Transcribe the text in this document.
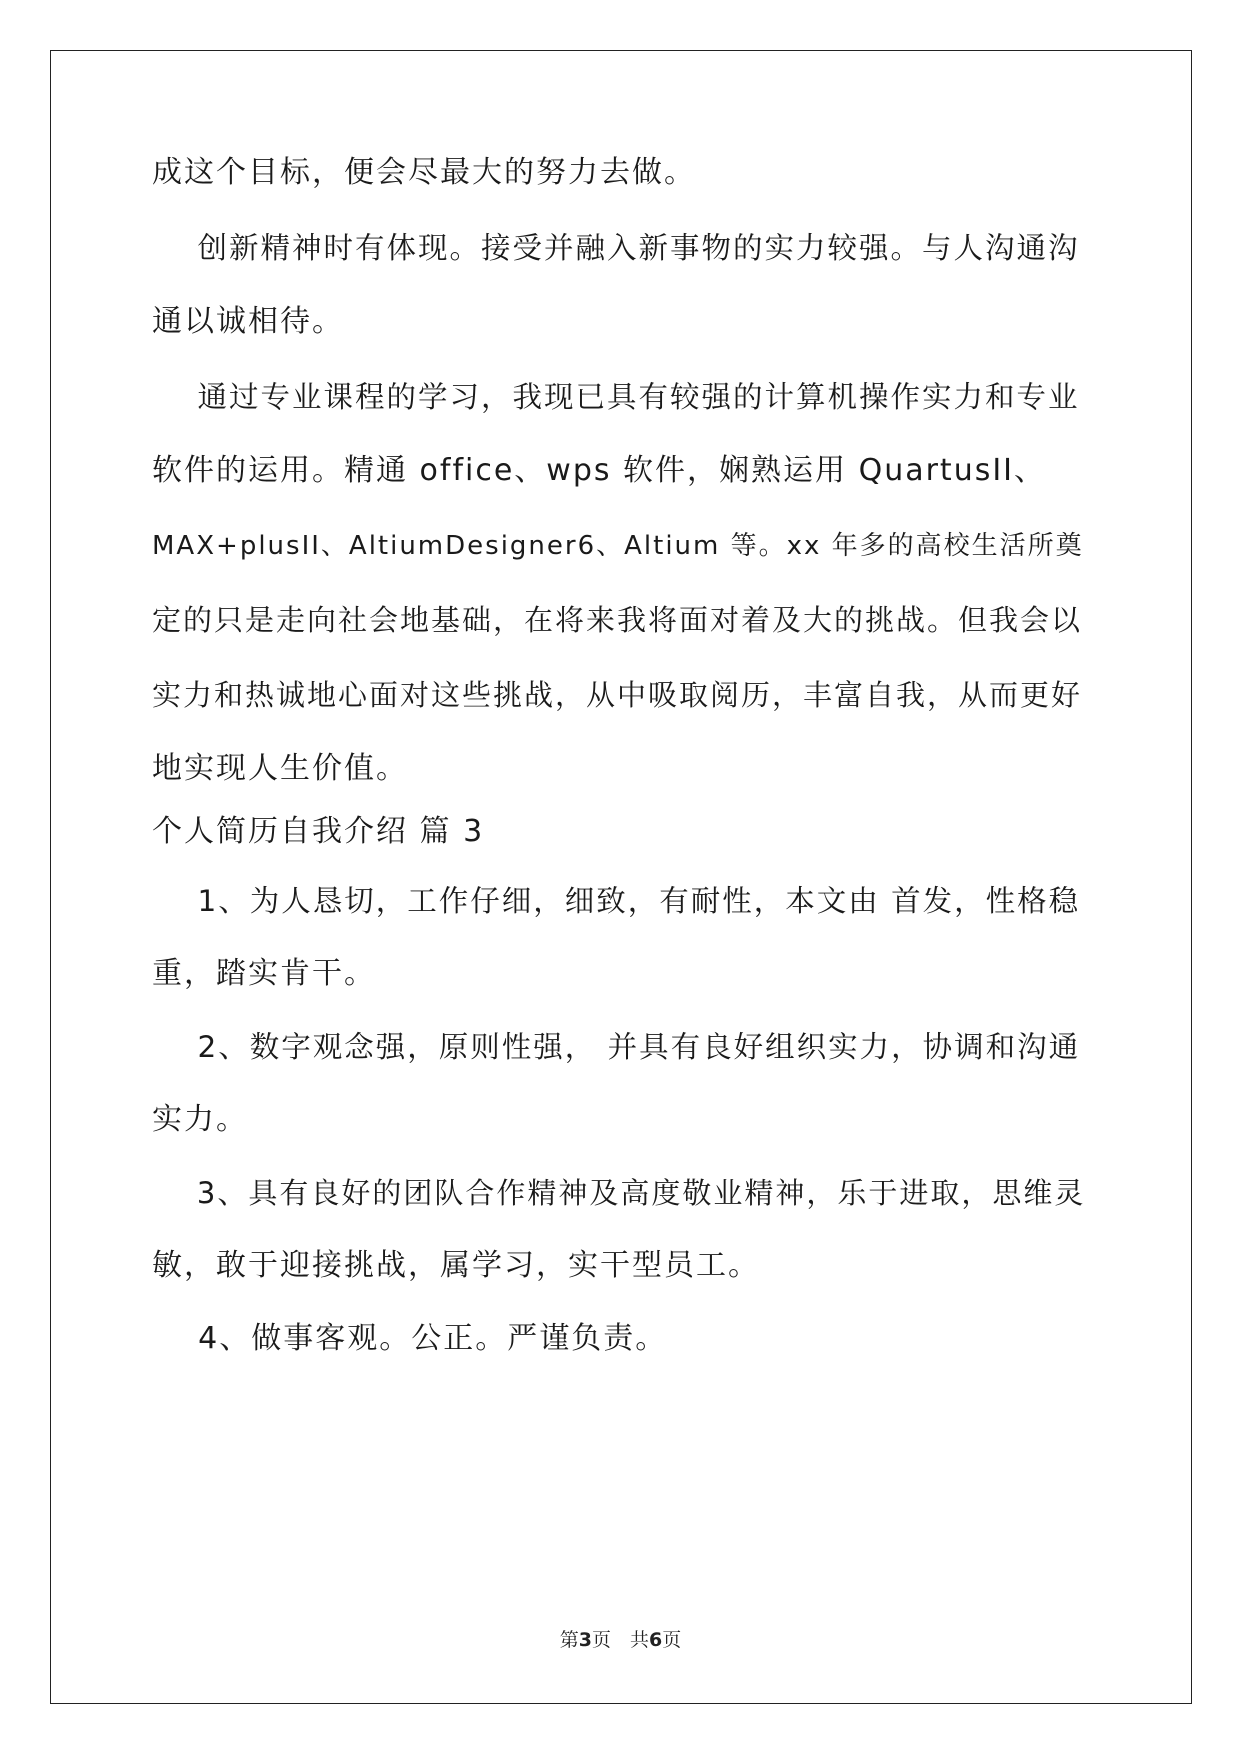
成这个目标，便会尽最大的努力去做。
创新精神时有体现。接受并融入新事物的实力较强。与人沟通沟
通以诚相待。
通过专业课程的学习，我现已具有较强的计算机操作实力和专业
软件的运用。精通 office、wps 软件，娴熟运用 QuartusII、
MAX+plusII、AltiumDesigner6、Altium 等。xx 年多的高校生活所奠
定的只是走向社会地基础，在将来我将面对着及大的挑战。但我会以
实力和热诚地心面对这些挑战，从中吸取阅历，丰富自我，从而更好
地实现人生价值。
个人简历自我介绍 篇 3
1、为人恳切，工作仔细，细致，有耐性，本文由 首发，性格稳
重，踏实肯干。
2、数字观念强，原则性强， 并具有良好组织实力，协调和沟通
实力。
3、具有良好的团队合作精神及高度敬业精神，乐于进取，思维灵
敏，敢于迎接挑战，属学习，实干型员工。
4、做事客观。公正。严谨负责。
第3页　共6页
